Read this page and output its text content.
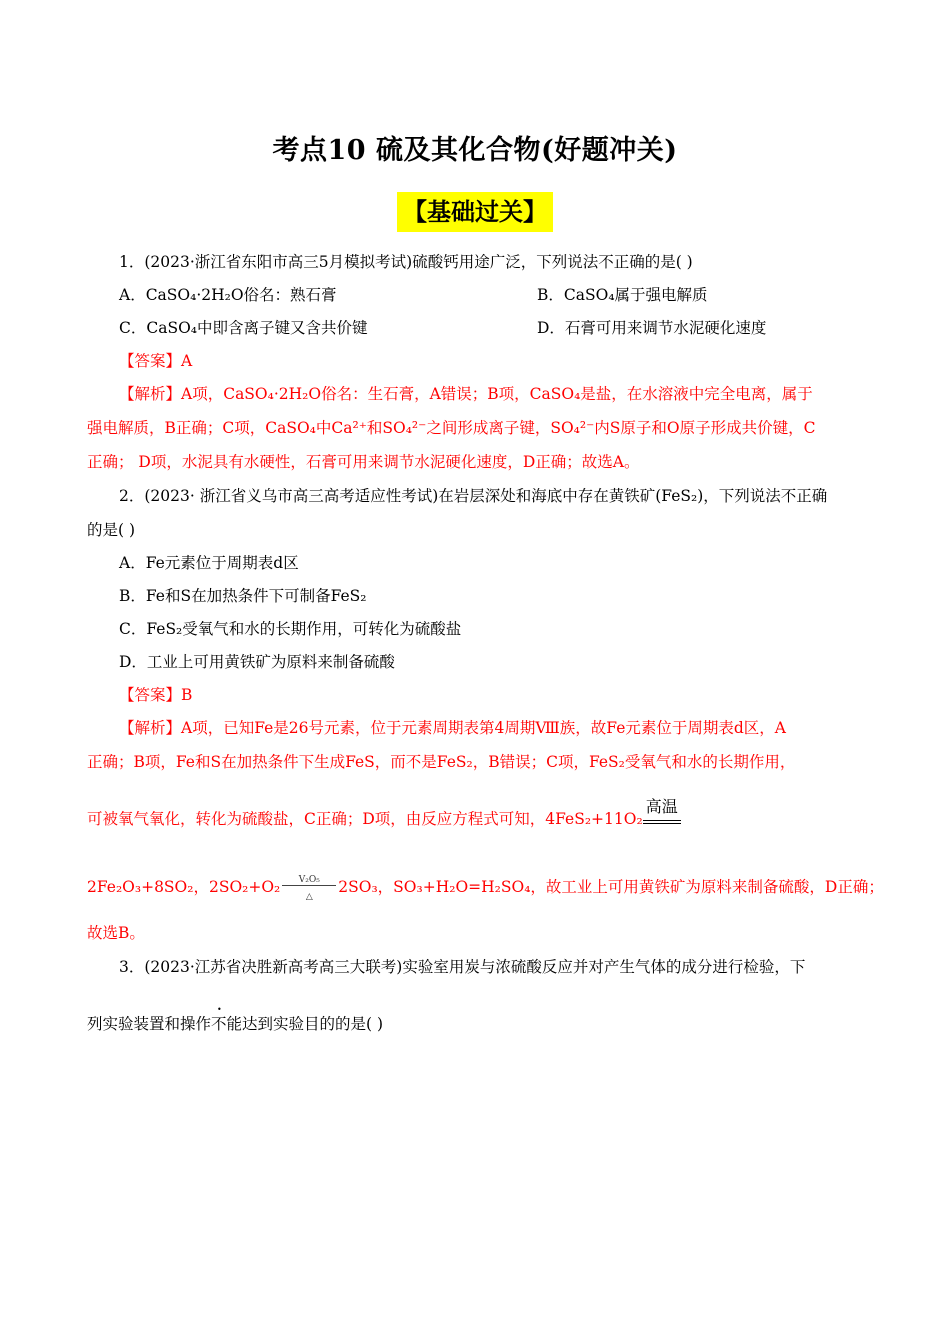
考点10 硫及其化合物(好题冲关)
【基础过关】
1．(2023·浙江省东阳市高三5月模拟考试)硫酸钙用途广泛，下列说法不正确的是( )
A．CaSO₄·2H₂O俗名：熟石膏	B．CaSO₄属于强电解质
C．CaSO₄中即含离子键又含共价键	D．石膏可用来调节水泥硬化速度
【答案】A
【解析】A项，CaSO₄·2H₂O俗名：生石膏，A错误；B项，CaSO₄是盐，在水溶液中完全电离，属于
强电解质，B正确；C项，CaSO₄中Ca²⁺和SO₄²⁻之间形成离子键，SO₄²⁻内S原子和O原子形成共价键，C
正确； D项，水泥具有水硬性，石膏可用来调节水泥硬化速度，D正确；故选A。
2．(2023· 浙江省义乌市高三高考适应性考试)在岩层深处和海底中存在黄铁矿(FeS₂)，下列说法不正确
的是( )
A．Fe元素位于周期表d区
B．Fe和S在加热条件下可制备FeS₂
C．FeS₂受氧气和水的长期作用，可转化为硫酸盐
D．工业上可用黄铁矿为原料来制备硫酸
【答案】B
【解析】A项，已知Fe是26号元素，位于元素周期表第4周期Ⅷ族，故Fe元素位于周期表d区，A
正确；B项，Fe和S在加热条件下生成FeS，而不是FeS₂，B错误；C项，FeS₂受氧气和水的长期作用，
可被氧气氧化，转化为硫酸盐，C正确；D项，由反应方程式可知，4FeS₂+11O₂
高温
2Fe₂O₃+8SO₂，2SO₂+O₂	V₂O₅
△
2SO₃，SO₃+H₂O=H₂SO₄，故工业上可用黄铁矿为原料来制备硫酸，D正确；
故选B。
3．(2023·江苏省决胜新高考高三大联考)实验室用炭与浓硫酸反应并对产生气体的成分进行检验，下
列实验装置和操作不能达到实验目的的是( )
